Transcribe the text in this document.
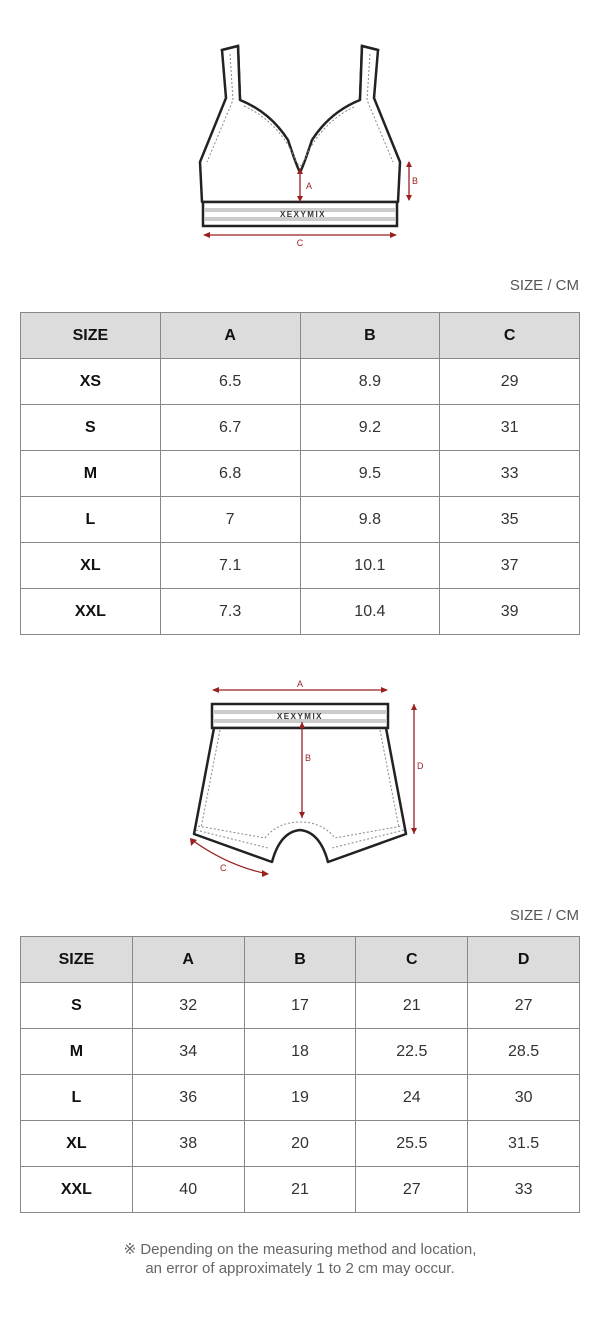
XEXYMIX
A	B
C
SIZE / CM
SIZE	A	B	C
XS	6.5	8.9	29
S	6.7	9.2	31
M	6.8	9.5	33
L	7	9.8	35
XL	7.1	10.1	37
XXL	7.3	10.4	39
A
XEXYMIX
B
D
C
SIZE / CM
SIZE	A	B	C	D
S	32	17	21	27
M	34	18	22.5	28.5
L	36	19	24	30
XL	38	20	25.5	31.5
XXL	40	21	27	33
※ Depending on the measuring method and location,
an error of approximately 1 to 2 cm may occur.
